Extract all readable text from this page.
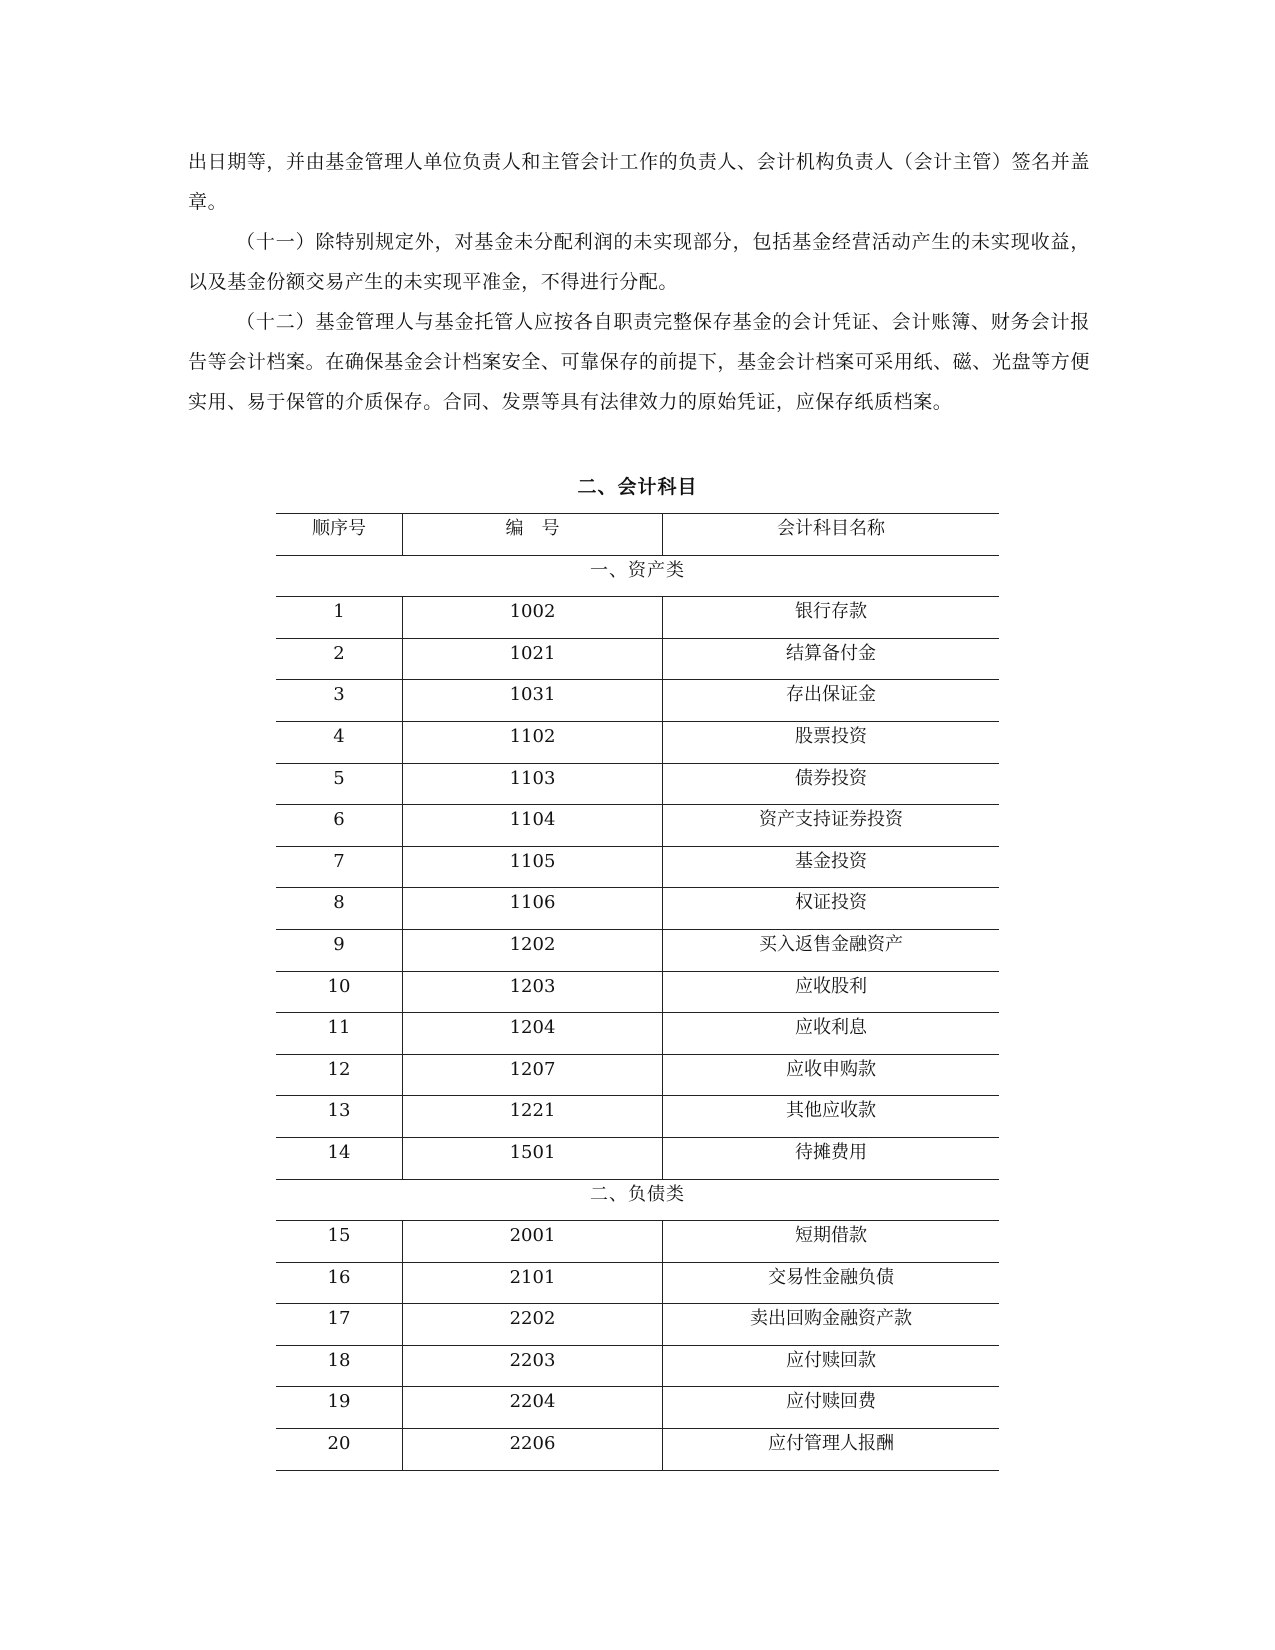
出日期等，并由基金管理人单位负责人和主管会计工作的负责人、会计机构负责人（会计主管）签名并盖章。

（十一）除特别规定外，对基金未分配利润的未实现部分，包括基金经营活动产生的未实现收益，以及基金份额交易产生的未实现平准金，不得进行分配。

（十二）基金管理人与基金托管人应按各自职责完整保存基金的会计凭证、会计账簿、财务会计报告等会计档案。在确保基金会计档案安全、可靠保存的前提下，基金会计档案可采用纸、磁、光盘等方便实用、易于保管的介质保存。合同、发票等具有法律效力的原始凭证，应保存纸质档案。

二、会计科目
顺序号	编　号	会计科目名称
一、资产类		
1	1002	银行存款
2	1021	结算备付金
3	1031	存出保证金
4	1102	股票投资
5	1103	债券投资
6	1104	资产支持证券投资
7	1105	基金投资
8	1106	权证投资
9	1202	买入返售金融资产
10	1203	应收股利
11	1204	应收利息
12	1207	应收申购款
13	1221	其他应收款
14	1501	待摊费用
二、负债类		
15	2001	短期借款
16	2101	交易性金融负债
17	2202	卖出回购金融资产款
18	2203	应付赎回款
19	2204	应付赎回费
20	2206	应付管理人报酬
